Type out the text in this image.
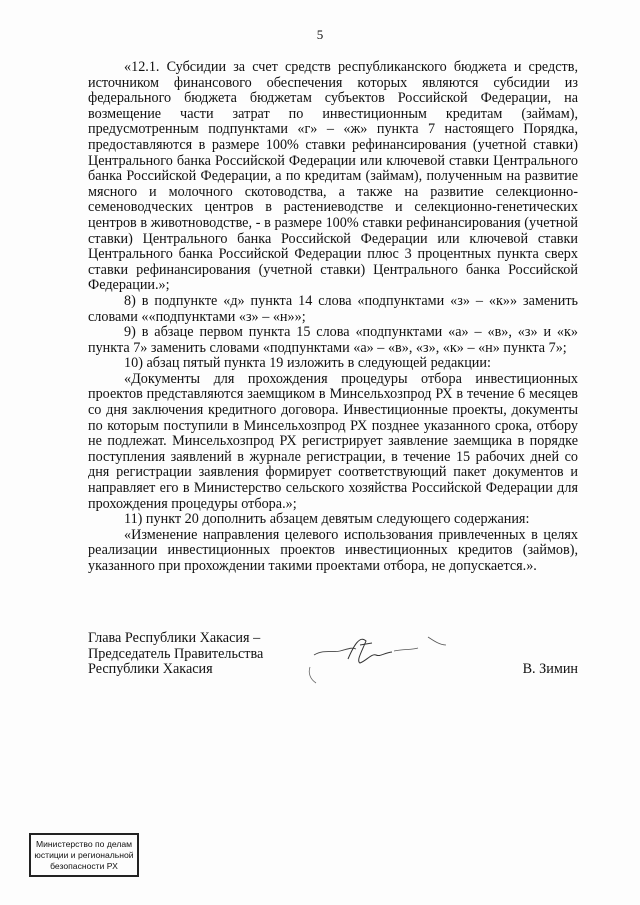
5

«12.1. Субсидии за счет средств республиканского бюджета и средств, источником финансового обеспечения которых являются субсидии из федерального бюджета бюджетам субъектов Российской Федерации, на возмещение части затрат по инвестиционным кредитам (займам), предусмотренным подпунктами «г» – «ж» пункта 7 настоящего Порядка, предоставляются в размере 100% ставки рефинансирования (учетной ставки) Центрального банка Российской Федерации или ключевой ставки Центрального банка Российской Федерации, а по кредитам (займам), полученным на развитие мясного и молочного скотоводства, а также на развитие селекционно-семеноводческих центров в растениеводстве и селекционно-генетических центров в животноводстве, - в размере 100% ставки рефинансирования (учетной ставки) Центрального банка Российской Федерации или ключевой ставки Центрального банка Российской Федерации плюс 3 процентных пункта сверх ставки рефинансирования (учетной ставки) Центрального банка Российской Федерации.»;

8) в подпункте «д» пункта 14 слова «подпунктами «з» – «к»» заменить словами ««подпунктами «з» – «н»»;

9) в абзаце первом пункта 15 слова «подпунктами «а» – «в», «з» и «к» пункта 7» заменить словами «подпунктами «а» – «в», «з», «к» – «н» пункта 7»;

10) абзац пятый пункта 19 изложить в следующей редакции:

«Документы для прохождения процедуры отбора инвестиционных проектов представляются заемщиком в Минсельхозпрод РХ в течение 6 месяцев со дня заключения кредитного договора. Инвестиционные проекты, документы по которым поступили в Минсельхозпрод РХ позднее указанного срока, отбору не подлежат. Минсельхозпрод РХ регистрирует заявление заемщика в порядке поступления заявлений в журнале регистрации, в течение 15 рабочих дней со дня регистрации заявления формирует соответствующий пакет документов и направляет его в Министерство сельского хозяйства Российской Федерации для прохождения процедуры отбора.»;

11) пункт 20 дополнить абзацем девятым следующего содержания:

«Изменение направления целевого использования привлеченных в целях реализации инвестиционных проектов инвестиционных кредитов (займов), указанного при прохождении такими проектами отбора, не допускается.».

Глава Республики Хакасия –
Председатель Правительства
Республики Хакасия	В. Зимин
Министерство по делам
юстиции и региональной
безопасности РХ
